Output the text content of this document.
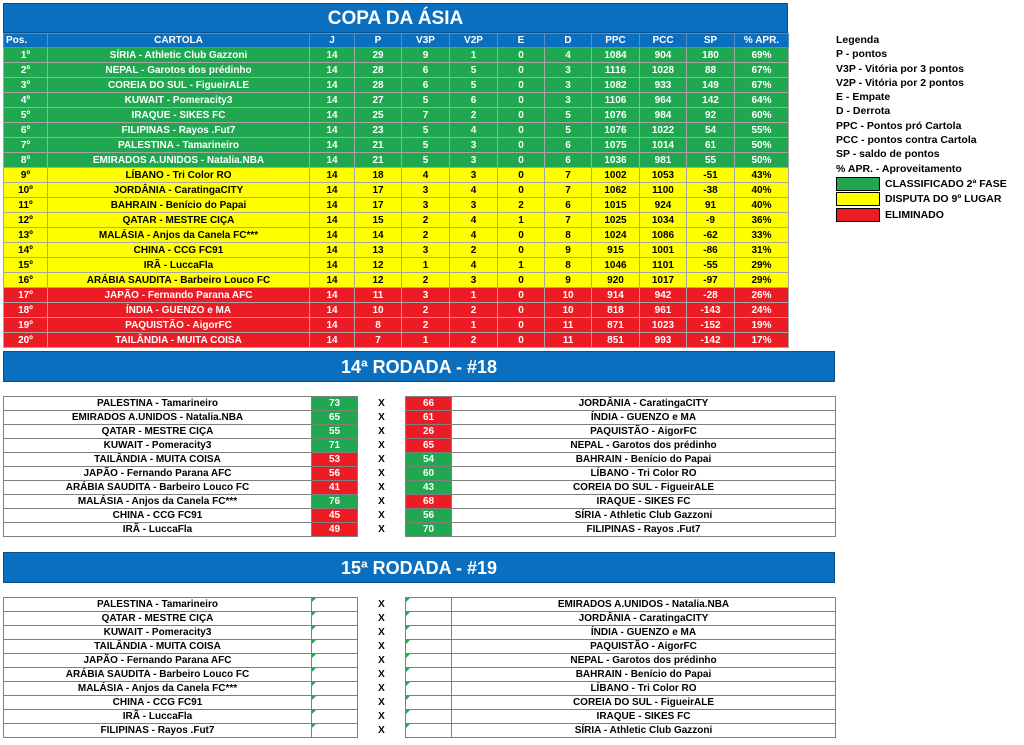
COPA DA ÁSIA
Pos.	CARTOLA	J	P	V3P	V2P	E	D	PPC	PCC	SP	% APR.
1º	SÍRIA - Athletic Club Gazzoni	14	29	9	1	0	4	1084	904	180	69%
2º	NEPAL - Garotos dos prédinho	14	28	6	5	0	3	1116	1028	88	67%
3º	COREIA DO SUL - FigueirALE	14	28	6	5	0	3	1082	933	149	67%
4º	KUWAIT - Pomeracity3	14	27	5	6	0	3	1106	964	142	64%
5º	IRAQUE - SIKES FC	14	25	7	2	0	5	1076	984	92	60%
6º	FILIPINAS - Rayos .Fut7	14	23	5	4	0	5	1076	1022	54	55%
7º	PALESTINA - Tamarineiro	14	21	5	3	0	6	1075	1014	61	50%
8º	EMIRADOS A.UNIDOS - Natalia.NBA	14	21	5	3	0	6	1036	981	55	50%
9º	LÍBANO - Tri Color RO	14	18	4	3	0	7	1002	1053	-51	43%
10º	JORDÂNIA - CaratingaCITY	14	17	3	4	0	7	1062	1100	-38	40%
11º	BAHRAIN - Benício do Papai	14	17	3	3	2	6	1015	924	91	40%
12º	QATAR - MESTRE CIÇA	14	15	2	4	1	7	1025	1034	-9	36%
13º	MALÁSIA - Anjos da Canela FC***	14	14	2	4	0	8	1024	1086	-62	33%
14º	CHINA - CCG FC91	14	13	3	2	0	9	915	1001	-86	31%
15º	IRÃ - LuccaFla	14	12	1	4	1	8	1046	1101	-55	29%
16º	ARÁBIA SAUDITA - Barbeiro Louco FC	14	12	2	3	0	9	920	1017	-97	29%
17º	JAPÃO - Fernando Parana AFC	14	11	3	1	0	10	914	942	-28	26%
18º	ÍNDIA - GUENZO e MA	14	10	2	2	0	10	818	961	-143	24%
19º	PAQUISTÃO - AigorFC	14	8	2	1	0	11	871	1023	-152	19%
20º	TAILÂNDIA - MUITA COISA	14	7	1	2	0	11	851	993	-142	17%
Legenda
P - pontos
V3P - Vitória por 3 pontos
V2P - Vitória por 2 pontos
E - Empate
D - Derrota
PPC - Pontos pró Cartola
PCC - pontos contra Cartola
SP - saldo de pontos
% APR. - Aproveitamento
CLASSIFICADO 2ª FASE
DISPUTA DO 9º LUGAR
ELIMINADO
14ª RODADA - #18
PALESTINA - Tamarineiro	73	X	66	JORDÂNIA - CaratingaCITY
EMIRADOS A.UNIDOS - Natalia.NBA	65	X	61	ÍNDIA - GUENZO e MA
QATAR - MESTRE CIÇA	55	X	26	PAQUISTÃO - AigorFC
KUWAIT - Pomeracity3	71	X	65	NEPAL - Garotos dos prédinho
TAILÂNDIA - MUITA COISA	53	X	54	BAHRAIN - Benício do Papai
JAPÃO - Fernando Parana AFC	56	X	60	LÍBANO - Tri Color RO
ARÁBIA SAUDITA - Barbeiro Louco FC	41	X	43	COREIA DO SUL - FigueirALE
MALÁSIA - Anjos da Canela FC***	76	X	68	IRAQUE - SIKES FC
CHINA - CCG FC91	45	X	56	SÍRIA - Athletic Club Gazzoni
IRÃ - LuccaFla	49	X	70	FILIPINAS - Rayos .Fut7
15ª RODADA - #19
PALESTINA - Tamarineiro		X		EMIRADOS A.UNIDOS - Natalia.NBA
QATAR - MESTRE CIÇA		X		JORDÂNIA - CaratingaCITY
KUWAIT - Pomeracity3		X		ÍNDIA - GUENZO e MA
TAILÂNDIA - MUITA COISA		X		PAQUISTÃO - AigorFC
JAPÃO - Fernando Parana AFC		X		NEPAL - Garotos dos prédinho
ARÁBIA SAUDITA - Barbeiro Louco FC		X		BAHRAIN - Benício do Papai
MALÁSIA - Anjos da Canela FC***		X		LÍBANO - Tri Color RO
CHINA - CCG FC91		X		COREIA DO SUL - FigueirALE
IRÃ - LuccaFla		X		IRAQUE - SIKES FC
FILIPINAS - Rayos .Fut7		X		SÍRIA - Athletic Club Gazzoni
